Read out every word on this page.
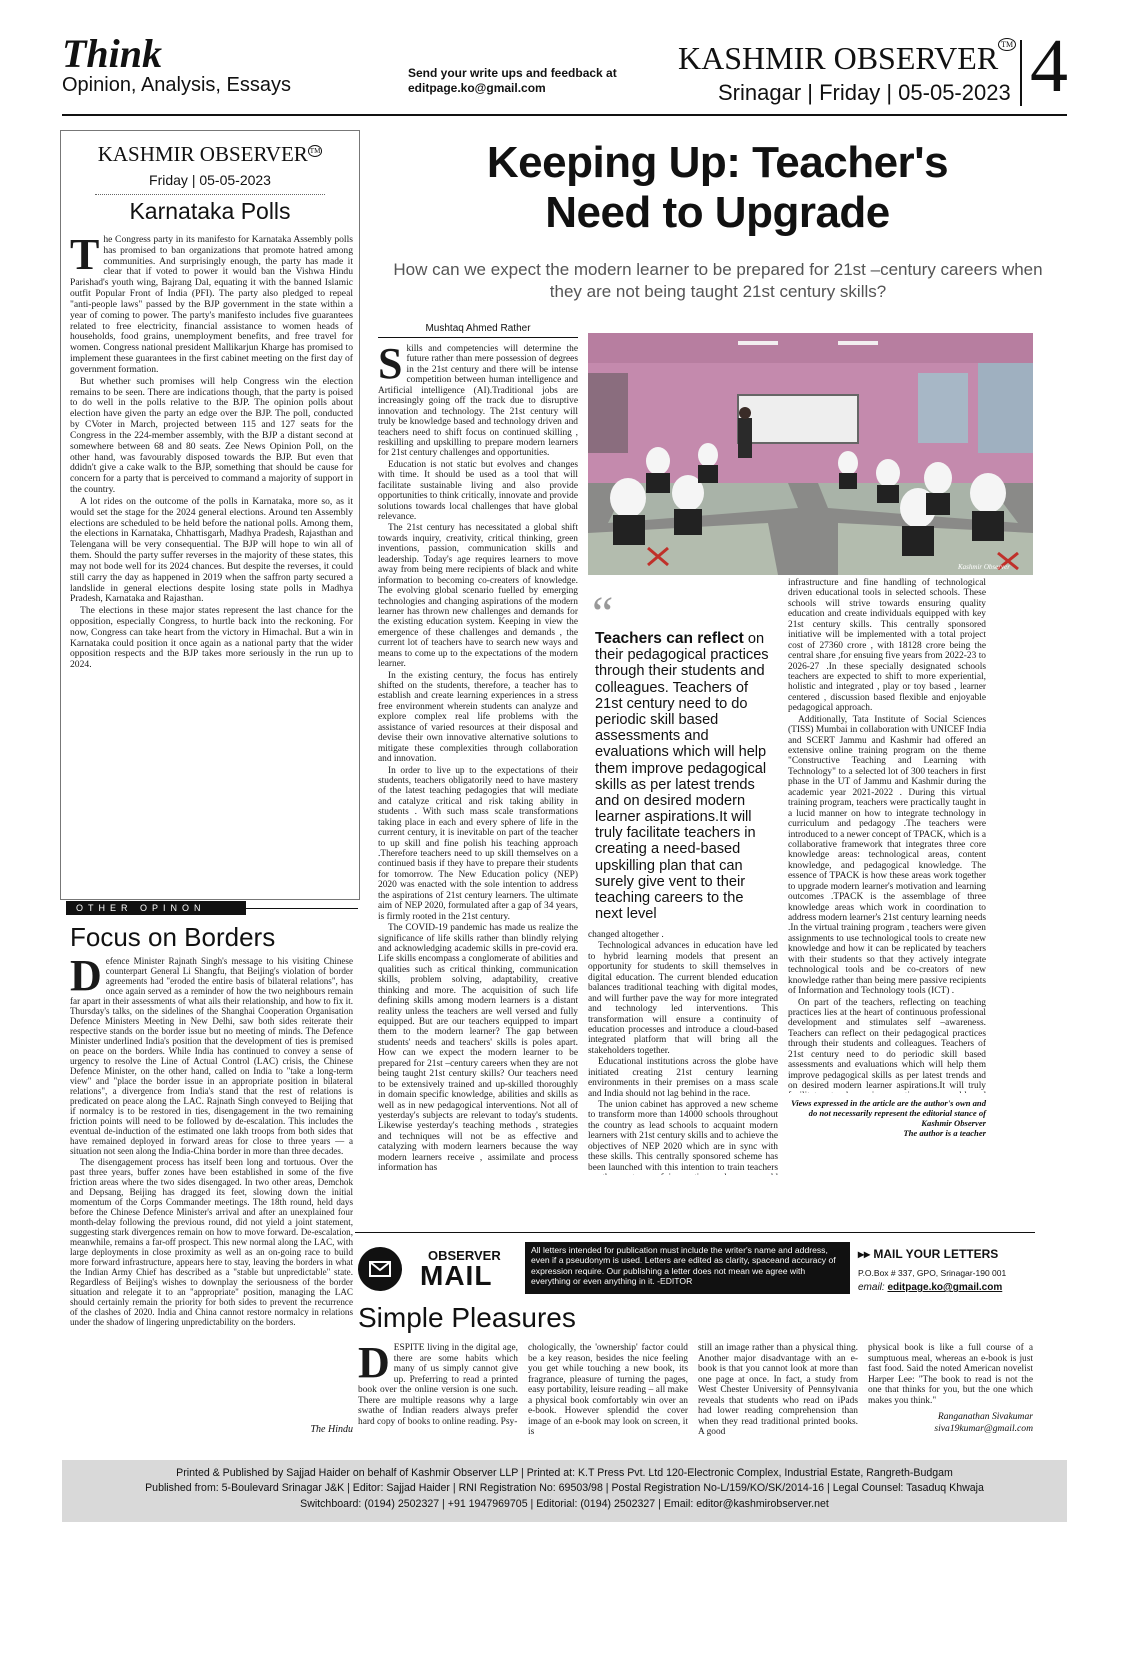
Think
Opinion, Analysis, Essays
Send your write ups and feedback at
editpage.ko@gmail.com
KASHMIR OBSERVER ™
Srinagar | Friday | 05-05-2023 4
KASHMIR OBSERVER ™
Friday | 05-05-2023
Karnataka Polls
T he Congress party in its manifesto for Karnataka Assembly polls has promised to ban organizations that promote hatred among communities. And surprisingly enough, the party has made it clear that if voted to power it would ban the Vishwa Hindu Parishad's youth wing, Bajrang Dal, equating it with the banned Islamic outfit Popular Front of India (PFI). The party also pledged to repeal "anti-people laws" passed by the BJP government in the state within a year of coming to power. The party's manifesto includes five guarantees related to free electricity, financial assistance to women heads of households, food grains, unemployment benefits, and free travel for women. Congress national president Mallikarjun Kharge has promised to implement these guarantees in the first cabinet meeting on the first day of government formation.

But whether such promises will help Congress win the election remains to be seen. There are indications though, that the party is poised to do well in the polls relative to the BJP. The opinion polls about election have given the party an edge over the BJP. The poll, conducted by CVoter in March, projected between 115 and 127 seats for the Congress in the 224-member assembly, with the BJP a distant second at somewhere between 68 and 80 seats. Zee News Opinion Poll, on the other hand, was favourably disposed towards the BJP. But even that ddidn't give a cake walk to the BJP, something that should be cause for concern for a party that is perceived to command a majority of support in the country.

A lot rides on the outcome of the polls in Karnataka, more so, as it would set the stage for the 2024 general elections. Around ten Assembly elections are scheduled to be held before the national polls. Among them, the elections in Karnataka, Chhattisgarh, Madhya Pradesh, Rajasthan and Telengana will be very consequential. The BJP will hope to win all of them. Should the party suffer reverses in the majority of these states, this may not bode well for its 2024 chances. But despite the reverses, it could still carry the day as happened in 2019 when the saffron party secured a landslide in general elections despite losing state polls in Madhya Pradesh, Karnataka and Rajasthan.

The elections in these major states represent the last chance for the opposition, especially Congress, to hurtle back into the reckoning. For now, Congress can take heart from the victory in Himachal. But a win in Karnataka could position it once again as a national party that the wider opposition respects and the BJP takes more seriously in the run up to 2024.

OTHER OPINON
Focus on Borders
D efence Minister Rajnath Singh's message to his visiting Chinese counterpart General Li Shangfu, that Beijing's violation of border agreements had "eroded the entire basis of bilateral relations", has once again served as a reminder of how the two neighbours remain far apart in their assessments of what ails their relationship, and how to fix it. Thursday's talks, on the sidelines of the Shanghai Cooperation Organisation Defence Ministers Meeting in New Delhi, saw both sides reiterate their respective stands on the border issue but no meeting of minds. The Defence Minister underlined India's position that the development of ties is premised on peace on the borders. While India has continued to convey a sense of urgency to resolve the Line of Actual Control (LAC) crisis, the Chinese Defence Minister, on the other hand, called on India to "take a long-term view" and "place the border issue in an appropriate position in bilateral relations", a divergence from India's stand that the rest of relations is predicated on peace along the LAC. Rajnath Singh conveyed to Beijing that if normalcy is to be restored in ties, disengagement in the two remaining friction points will need to be followed by de-escalation. This includes the eventual de-induction of the estimated one lakh troops from both sides that have remained deployed in forward areas for close to three years — a situation not seen along the India-China border in more than three decades.

The disengagement process has itself been long and tortuous. Over the past three years, buffer zones have been established in some of the five friction areas where the two sides disengaged. In two other areas, Demchok and Depsang, Beijing has dragged its feet, slowing down the initial momentum of the Corps Commander meetings. The 18th round, held days before the Chinese Defence Minister's arrival and after an unexplained four month-delay following the previous round, did not yield a joint statement, suggesting stark divergences remain on how to move forward. De-escalation, meanwhile, remains a far-off prospect. This new normal along the LAC, with large deployments in close proximity as well as an on-going race to build more forward infrastructure, appears here to stay, leaving the borders in what the Indian Army Chief has described as a "stable but unpredictable" state. Regardless of Beijing's wishes to downplay the seriousness of the border situation and relegate it to an "appropriate" position, managing the LAC should certainly remain the priority for both sides to prevent the recurrence of the clashes of 2020. India and China cannot restore normalcy in relations under the shadow of lingering unpredictability on the borders.

The Hindu
Keeping Up: Teacher's
Need to Upgrade
How can we expect the modern learner to be prepared for 21st –century careers when they are not being taught 21st century skills?
Mushtaq Ahmed Rather
S kills and competencies will determine the future rather than mere possession of degrees in the 21st century and there will be intense competition between human intelligence and Artificial intelligence (AI).Traditional jobs are increasingly going off the track due to disruptive innovation and technology. The 21st century will truly be knowledge based and technology driven and teachers need to shift focus on continued skilling , reskilling and upskilling to prepare modern learners for 21st century challenges and opportunities.

Education is not static but evolves and changes with time. It should be used as a tool that will facilitate sustainable living and also provide opportunities to think critically, innovate and provide solutions towards local challenges that have global relevance.

The 21st century has necessitated a global shift towards inquiry, creativity, critical thinking, green inventions, passion, communication skills and leadership. Today's age requires learners to move away from being mere recipients of black and white information to becoming co-creaters of knowledge. The evolving global scenario fuelled by emerging technologies and changing aspirations of the modern learner has thrown new challenges and demands for the existing education system. Keeping in view the emergence of these challenges and demands , the current lot of teachers have to search new ways and means to come up to the expectations of the modern learner.

In the existing century, the focus has entirely shifted on the students, therefore, a teacher has to establish and create learning experiences in a stress free environment wherein students can analyze and explore complex real life problems with the assistance of varied resources at their disposal and devise their own innovative alternative solutions to mitigate these complexities through collaboration and innovation.

In order to live up to the expectations of their students, teachers obligatorily need to have mastery of the latest teaching pedagogies that will mediate and catalyze critical and risk taking ability in students . With such mass scale transformations taking place in each and every sphere of life in the current century, it is inevitable on part of the teacher to up skill and fine polish his teaching approach .Therefore teachers need to up skill themselves on a continued basis if they have to prepare their students for tomorrow. The New Education policy (NEP) 2020 was enacted with the sole intention to address the aspirations of 21st century learners. The ultimate aim of NEP 2020, formulated after a gap of 34 years, is firmly rooted in the 21st century.

The COVID-19 pandemic has made us realize the significance of life skills rather than blindly relying and acknowledging academic skills in pre-covid era. Life skills encompass a conglomerate of abilities and qualities such as critical thinking, communication skills, problem solving, adaptability, creative thinking and more. The acquisition of such life defining skills among modern learners is a distant reality unless the teachers are well versed and fully equipped. But are our teachers equipped to impart them to the modern learner? The gap between students' needs and teachers' skills is poles apart. How can we expect the modern learner to be prepared for 21st –century careers when they are not being taught 21st century skills? Our teachers need to be extensively trained and up-skilled thoroughly in domain specific knowledge, abilities and skills as well as in new pedagogical interventions. Not all of yesterday's subjects are relevant to today's students. Likewise yesterday's teaching methods , strategies and techniques will not be as effective and catalyzing with modern learners because the way modern learners receive , assimilate and process information has

Kashmir Observer
“
Teachers can reflect on their pedagogical practices through their students and colleagues. Teachers of 21st century need to do periodic skill based assessments and evaluations which will help them improve pedagogical skills as per latest trends and on desired modern learner aspirations.It will truly facilitate teachers in creating a need-based upskilling plan that can surely give vent to their teaching careers to the next level

changed altogether .

Technological advances in education have led to hybrid learning models that present an opportunity for students to skill themselves in digital education. The current blended education balances traditional teaching with digital modes, and will further pave the way for more integrated and technology led interventions. This transformation will ensure a continuity of education processes and introduce a cloud-based integrated platform that will bring all the stakeholders together.

Educational institutions across the globe have initiated creating 21st century learning environments in their premises on a mass scale and India should not lag behind in the race.

The union cabinet has approved a new scheme to transform more than 14000 schools throughout the country as lead schools to acquaint modern learners with 21st century skills and to achieve the objectives of NEP 2020 which are in sync with these skills. This centrally sponsored scheme has been launched with this intention to train teachers

infrastructure and fine handling of technological driven educational tools in selected schools. These schools will strive towards ensuring quality education and create individuals equipped with key 21st century skills. This centrally sponsored initiative will be implemented with a total project cost of 27360 crore , with 18128 crore being the central share ,for ensuing five years from 2022-23 to 2026-27 .In these specially designated schools teachers are expected to shift to more experiential, holistic and integrated , play or toy based , learner centered , discussion based flexible and enjoyable pedagogical approach.

Additionally, Tata Institute of Social Sciences (TISS) Mumbai in collaboration with UNICEF India and SCERT Jammu and Kashmir had offered an extensive online training program on the theme "Constructive Teaching and Learning with Technology" to a selected lot of 300 teachers in first phase in the UT of Jammu and Kashmir during the academic year 2021-2022 . During this virtual training program, teachers were practically taught in a lucid manner on how to integrate technology in curriculum and pedagogy .The teachers were introduced to a newer concept of TPACK, which is a collaborative framework that integrates three core knowledge areas: technological areas, content knowledge, and pedagogical knowledge. The essence of TPACK is how these areas work together to upgrade modern learner's motivation and learning outcomes .TPACK is the assemblage of three knowledge areas which work in coordination to address modern learner's 21st century learning needs .In the virtual training program , teachers were given assignments to use technological tools to create new knowledge and how it can be replicated by teachers with their students so that they actively integrate technological tools and be co-creators of new knowledge rather than being mere passive recipients of Information and Technology tools (ICT) .

On part of the teachers, reflecting on teaching practices lies at the heart of continuous professional development and stimulates self –awareness. Teachers can reflect on their pedagogical practices through their students and colleagues. Teachers of 21st century need to do periodic skill based assessments and evaluations which will help them improve pedagogical skills as per latest trends and on desired modern learner aspirations.It will truly

Views expressed in the article are the author's own and do not necessarily represent the editorial stance of Kashmir Observer
The author is a teacher
OBSERVER
MAIL
All letters intended for publication must include the writer's name and address, even if a pseudonym is used. Letters are edited as clarity, spaceand accuracy of expression require. Our publishing a letter does not mean we agree with everything or even anything in it. -EDITOR
▸▸ MAIL YOUR LETTERS
P.O.Box # 337, GPO, Srinagar-190 001
email: editpage.ko@gmail.com
Simple Pleasures
D ESPITE living in the digital age, there are some habits which many of us simply cannot give up. Preferring to read a printed book over the online version is one such. There are multiple reasons why a large swathe of Indian readers always prefer hard copy of books to online reading. Psy-

chologically, the 'ownership' factor could be a key reason, besides the nice feeling you get while touching a new book, its fragrance, pleasure of turning the pages, easy portability, leisure reading – all make a physical book comfortably win over an e-book. However splendid the cover image of an e-book may look on screen, it is

still an image rather than a physical thing. Another major disadvantage with an e-book is that you cannot look at more than one page at once. In fact, a study from West Chester University of Pennsylvania reveals that students who read on iPads had lower reading comprehension than when they read traditional printed books. A good

physical book is like a full course of a sumptuous meal, whereas an e-book is just fast food. Said the noted American novelist Harper Lee: "The book to read is not the one that thinks for you, but the one which makes you think."

Ranganathan Sivakumar
siva19kumar@gmail.com
Printed & Published by Sajjad Haider on behalf of Kashmir Observer LLP | Printed at: K.T Press Pvt. Ltd 120-Electronic Complex, Industrial Estate, Rangreth-Budgam
Published from: 5-Boulevard Srinagar J&K | Editor: Sajjad Haider | RNI Registration No: 69503/98 | Postal Registration No-L/159/KO/SK/2014-16 | Legal Counsel: Tasaduq Khwaja
Switchboard: (0194) 2502327 | +91 1947969705 | Editorial: (0194) 2502327 | Email: editor@kashmirobserver.net
